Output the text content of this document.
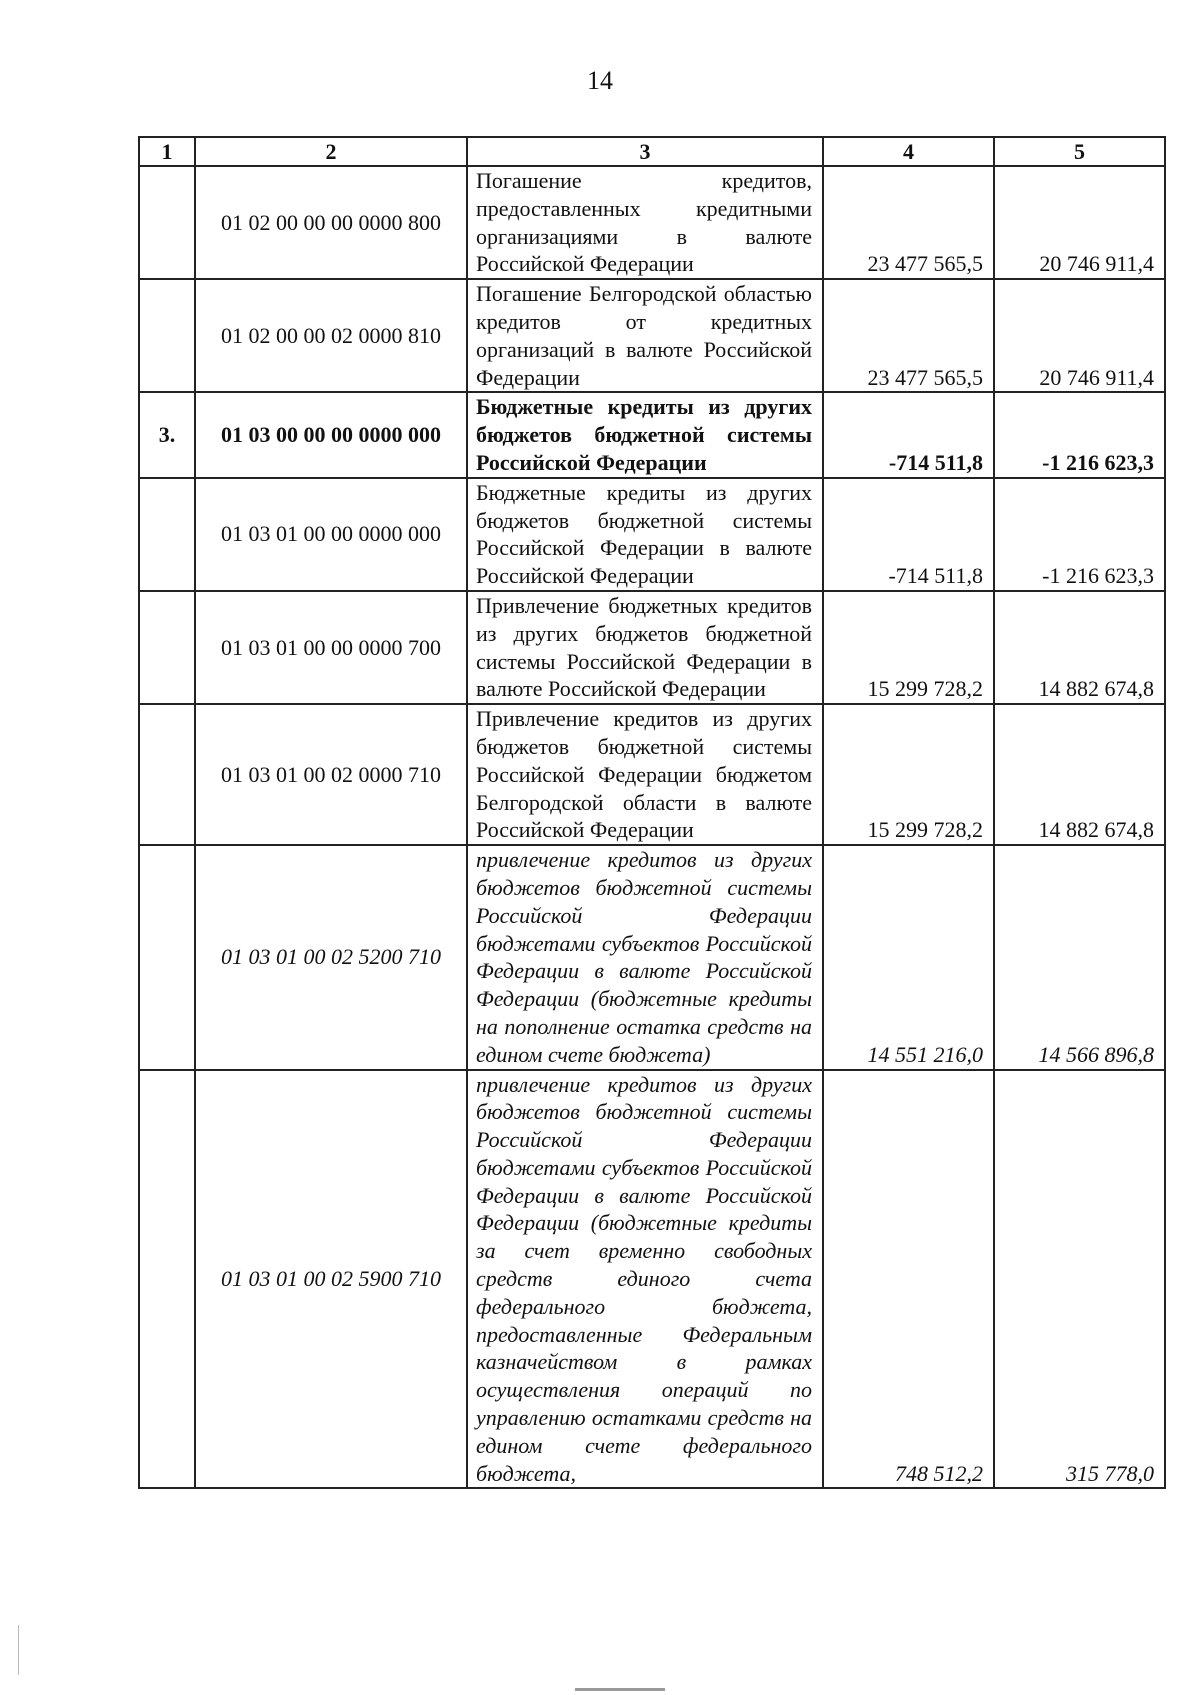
14
1	2	3	4	5
	01 02 00 00 00 0000 800	Погашение кредитов, предоставленных кредитными организациями в валюте Российской Федерации	23 477 565,5	20 746 911,4
	01 02 00 00 02 0000 810	Погашение Белгородской областью кредитов от кредитных организаций в валюте Российской Федерации	23 477 565,5	20 746 911,4
3.	01 03 00 00 00 0000 000	Бюджетные кредиты из других бюджетов бюджетной системы Российской Федерации	-714 511,8	-1 216 623,3
	01 03 01 00 00 0000 000	Бюджетные кредиты из других бюджетов бюджетной системы Российской Федерации в валюте Российской Федерации	-714 511,8	-1 216 623,3
	01 03 01 00 00 0000 700	Привлечение бюджетных кредитов из других бюджетов бюджетной системы Российской Федерации в валюте Российской Федерации	15 299 728,2	14 882 674,8
	01 03 01 00 02 0000 710	Привлечение кредитов из других бюджетов бюджетной системы Российской Федерации бюджетом Белгородской области в валюте Российской Федерации	15 299 728,2	14 882 674,8
	01 03 01 00 02 5200 710	привлечение кредитов из других бюджетов бюджетной системы Российской Федерации бюджетами субъектов Российской Федерации в валюте Российской Федерации (бюджетные кредиты на пополнение остатка средств на едином счете бюджета)	14 551 216,0	14 566 896,8
	01 03 01 00 02 5900 710	привлечение кредитов из других бюджетов бюджетной системы Российской Федерации бюджетами субъектов Российской Федерации в валюте Российской Федерации (бюджетные кредиты за счет временно свободных средств единого счета федерального бюджета, предоставленные Федеральным казначейством в рамках осуществления операций по управлению остатками средств на едином счете федерального бюджета,	748 512,2	315 778,0
